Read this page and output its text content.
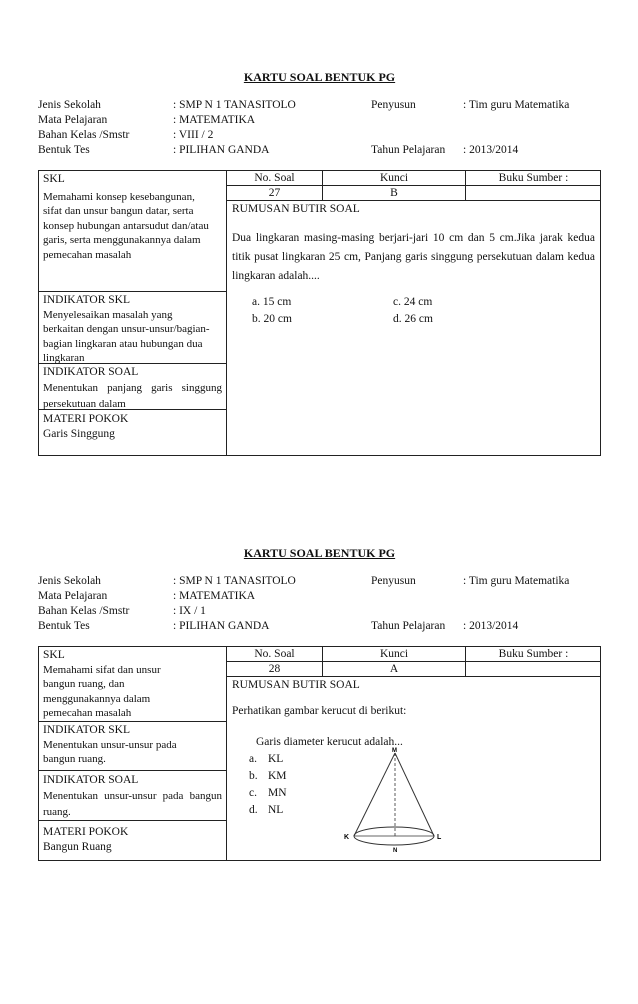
KARTU SOAL BENTUK PG
Jenis Sekolah	: SMP N 1 TANASITOLO	Penyusun	: Tim guru Matematika
Mata Pelajaran	: MATEMATIKA
Bahan Kelas /Smstr	: VIII / 2
Bentuk Tes	: PILIHAN GANDA	Tahun Pelajaran : 2013/2014
SKL
Memahami konsep kesebangunan, sifat dan unsur bangun datar, serta konsep hubungan antarsudut dan/atau garis, serta menggunakannya dalam pemecahan masalah
INDIKATOR SKL
Menyelesaikan masalah yang berkaitan dengan unsur-unsur/bagian-bagian lingkaran atau hubungan dua lingkaran
INDIKATOR SOAL
Menentukan panjang garis singgung persekutuan dalam
MATERI POKOK
Garis Singgung
No. Soal	Kunci	Buku Sumber :
27	B
RUMUSAN BUTIR SOAL
Dua lingkaran masing-masing berjari-jari 10 cm dan 5 cm.Jika jarak kedua titik pusat lingkaran 25 cm, Panjang garis singgung persekutuan dalam kedua lingkaran adalah....
a. 15 cm	c. 24 cm
b. 20 cm	d. 26 cm
KARTU SOAL BENTUK PG
Jenis Sekolah	: SMP N 1 TANASITOLO	Penyusun	: Tim guru Matematika
Mata Pelajaran	: MATEMATIKA
Bahan Kelas /Smstr	: IX / 1
Bentuk Tes	: PILIHAN GANDA	Tahun Pelajaran : 2013/2014
SKL
Memahami sifat dan unsur bangun ruang, dan menggunakannya dalam pemecahan masalah
INDIKATOR SKL
Menentukan unsur-unsur pada bangun ruang.
INDIKATOR SOAL
Menentukan unsur-unsur pada bangun ruang.
MATERI POKOK
Bangun Ruang
No. Soal	Kunci	Buku Sumber :
28	A
RUMUSAN BUTIR SOAL
Perhatikan gambar kerucut di berikut:
Garis diameter kerucut adalah...
a. KL
b. KM
c. MN
d. NL
M
K	L
N
